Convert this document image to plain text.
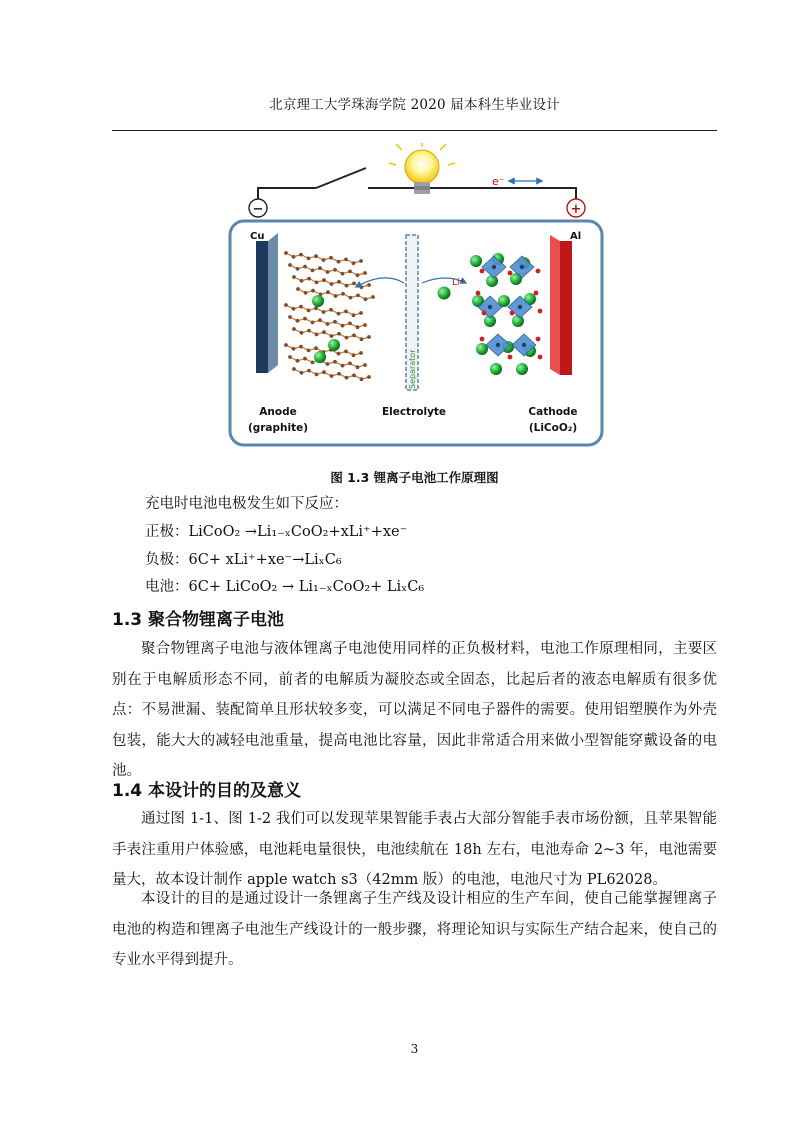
北京理工大学珠海学院 2020 届本科生毕业设计
e⁻
−	+
Cu	Al
Separator
Li⁺
Anode
(graphite)
Electrolyte	Cathode
(LiCoO₂)
图 1.3 锂离子电池工作原理图
充电时电池电极发生如下反应：
正极：LiCoO₂ →Li₁₋ₓCoO₂+xLi⁺+xe⁻
负极：6C+ xLi⁺+xe⁻→LiₓC₆
电池：6C+ LiCoO₂ → Li₁₋ₓCoO₂+ LiₓC₆
1.3 聚合物锂离子电池

聚合物锂离子电池与液体锂离子电池使用同样的正负极材料，电池工作原理相同，主要区别在于电解质形态不同，前者的电解质为凝胶态或全固态，比起后者的液态电解质有很多优点：不易泄漏、装配简单且形状较多变，可以满足不同电子器件的需要。使用铝塑膜作为外壳包装，能大大的减轻电池重量，提高电池比容量，因此非常适合用来做小型智能穿戴设备的电池。

1.4 本设计的目的及意义

通过图 1-1、图 1-2 我们可以发现苹果智能手表占大部分智能手表市场份额，且苹果智能手表注重用户体验感，电池耗电量很快，电池续航在 18h 左右，电池寿命 2~3 年，电池需要量大，故本设计制作 apple watch s3（42mm 版）的电池，电池尺寸为 PL62028。

本设计的目的是通过设计一条锂离子生产线及设计相应的生产车间，使自己能掌握锂离子电池的构造和锂离子电池生产线设计的一般步骤，将理论知识与实际生产结合起来，使自己的专业水平得到提升。

3
